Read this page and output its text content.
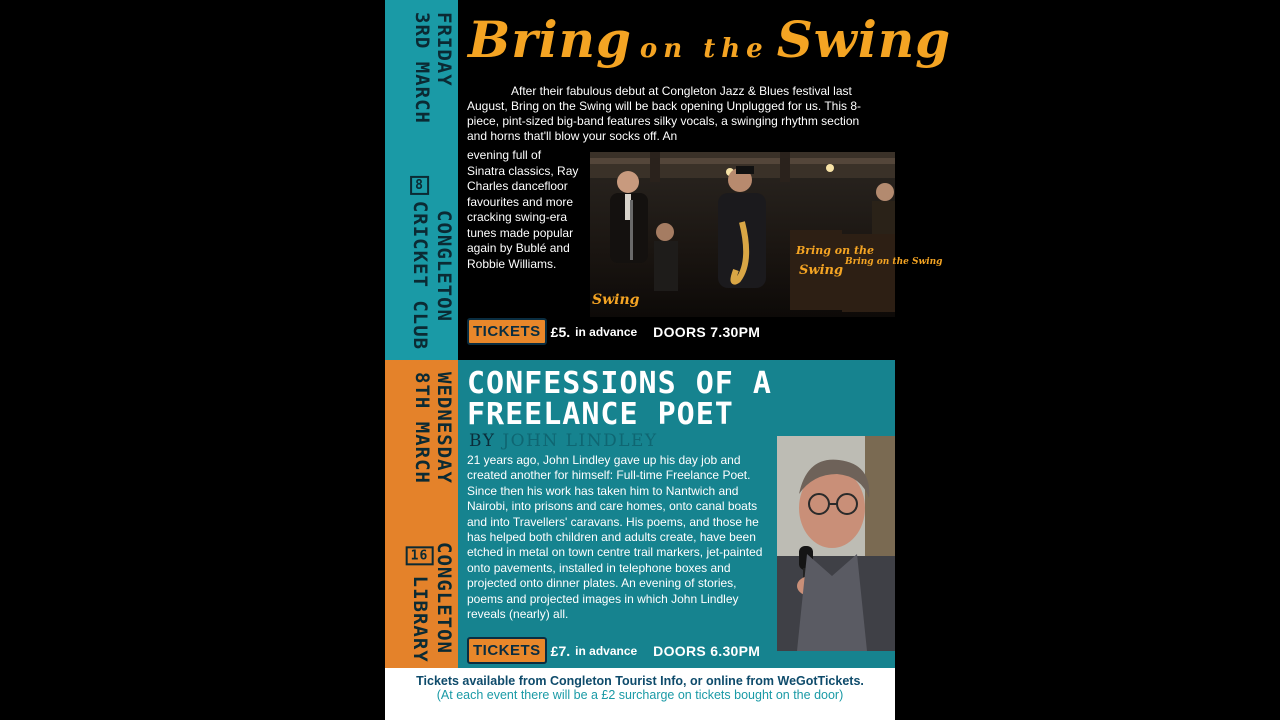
FRIDAY
3RD MARCH
CONGLETON
8
CRICKET CLUB
Bring on the Swing

After their fabulous debut at Congleton Jazz & Blues festival last August, Bring on the Swing will be back opening Unplugged for us. This 8-piece, pint-sized big-band features silky vocals, a swinging rhythm section and horns that'll blow your socks off. An

evening full of Sinatra classics, Ray Charles dancefloor favourites and more cracking swing-era tunes made popular again by Bublé and Robbie Williams.

Bring on the
Swing
Bring on the Swing
Swing
TICKETS £5. in advance DOORS 7.30PM
WEDNESDAY
8TH MARCH
CONGLETON
16
LIBRARY
CONFESSIONS OF A
FREELANCE POET
BY JOHN LINDLEY

21 years ago, John Lindley gave up his day job and created another for himself: Full-time Freelance Poet. Since then his work has taken him to Nantwich and Nairobi, into prisons and care homes, onto canal boats and into Travellers' caravans. His poems, and those he has helped both children and adults create, have been etched in metal on town centre trail markers, jet-painted onto pavements, installed in telephone boxes and projected onto dinner plates. An evening of stories, poems and projected images in which John Lindley reveals (nearly) all.

TICKETS £7. in advance DOORS 6.30PM
Tickets available from Congleton Tourist Info, or online from WeGotTickets.
(At each event there will be a £2 surcharge on tickets bought on the door)
